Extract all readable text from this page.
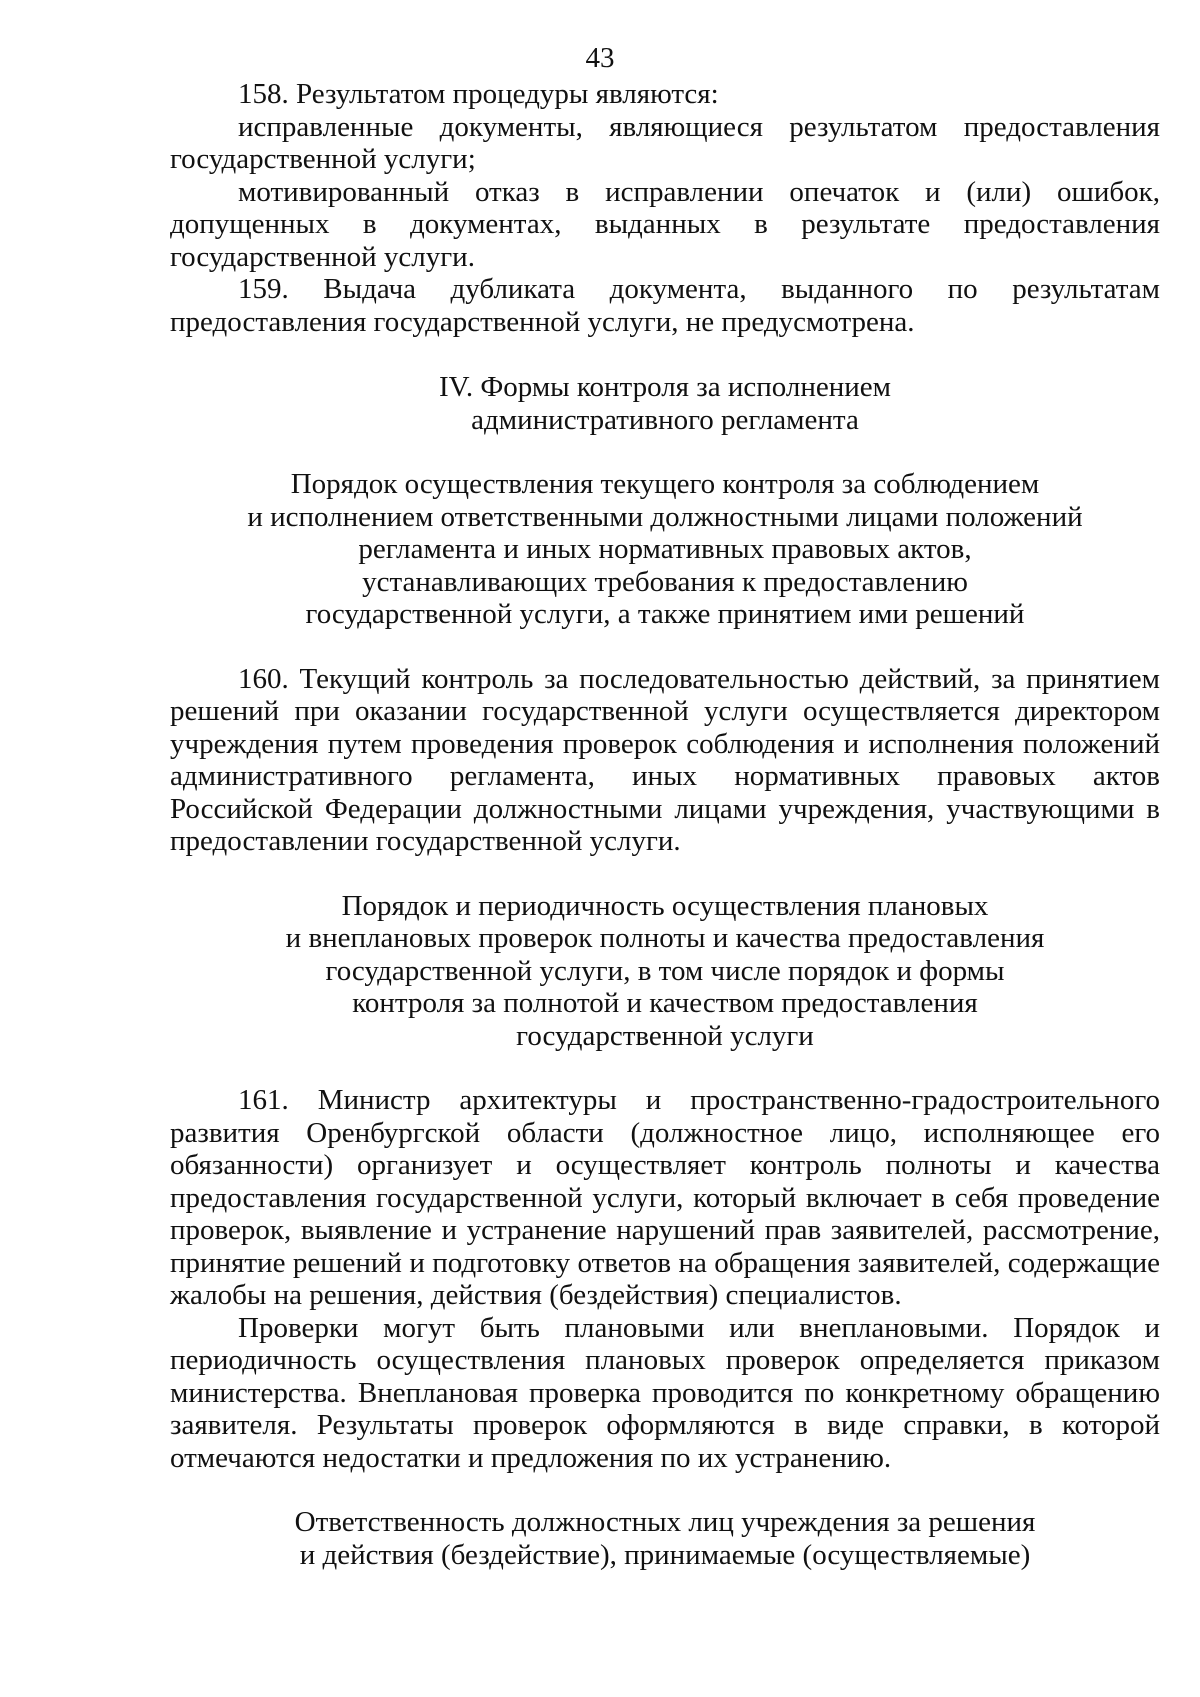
43

158. Результатом процедуры являются:

исправленные документы, являющиеся результатом предоставления государственной услуги;

мотивированный отказ в исправлении опечаток и (или) ошибок, допущенных в документах, выданных в результате предоставления государственной услуги.

159. Выдача дубликата документа, выданного по результатам предоставления государственной услуги, не предусмотрена.

IV. Формы контроля за исполнением

административного регламента

Порядок осуществления текущего контроля за соблюдением

и исполнением ответственными должностными лицами положений

регламента и иных нормативных правовых актов,

устанавливающих требования к предоставлению

государственной услуги, а также принятием ими решений

160. Текущий контроль за последовательностью действий, за принятием решений при оказании государственной услуги осуществляется директором учреждения путем проведения проверок соблюдения и исполнения положений административного регламента, иных нормативных правовых актов Российской Федерации должностными лицами учреждения, участвующими в предоставлении государственной услуги.

Порядок и периодичность осуществления плановых

и внеплановых проверок полноты и качества предоставления

государственной услуги, в том числе порядок и формы

контроля за полнотой и качеством предоставления

государственной услуги

161. Министр архитектуры и пространственно-градостроительного развития Оренбургской области (должностное лицо, исполняющее его обязанности) организует и осуществляет контроль полноты и качества предоставления государственной услуги, который включает в себя проведение проверок, выявление и устранение нарушений прав заявителей, рассмотрение, принятие решений и подготовку ответов на обращения заявителей, содержащие жалобы на решения, действия (бездействия) специалистов.

Проверки могут быть плановыми или внеплановыми. Порядок и периодичность осуществления плановых проверок определяется приказом министерства. Внеплановая проверка проводится по конкретному обращению заявителя. Результаты проверок оформляются в виде справки, в которой отмечаются недостатки и предложения по их устранению.

Ответственность должностных лиц учреждения за решения

и действия (бездействие), принимаемые (осуществляемые)
